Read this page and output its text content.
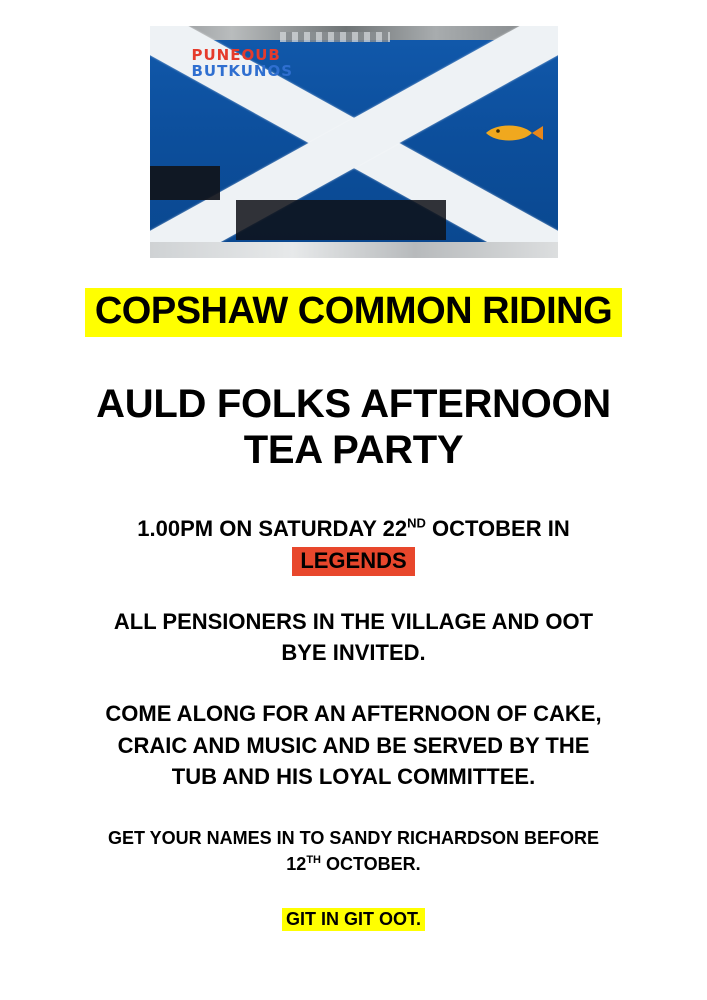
PUNEOUB
BUTKUNOS
COPSHAW COMMON RIDING
AULD FOLKS AFTERNOON
TEA PARTY
1.00PM ON SATURDAY 22ND OCTOBER IN
LEGENDS
ALL PENSIONERS IN THE VILLAGE AND OOT
BYE INVITED.
COME ALONG FOR AN AFTERNOON OF CAKE,
CRAIC AND MUSIC AND BE SERVED BY THE
TUB AND HIS LOYAL COMMITTEE.
GET YOUR NAMES IN TO SANDY RICHARDSON BEFORE
12TH OCTOBER.
GIT IN GIT OOT.
